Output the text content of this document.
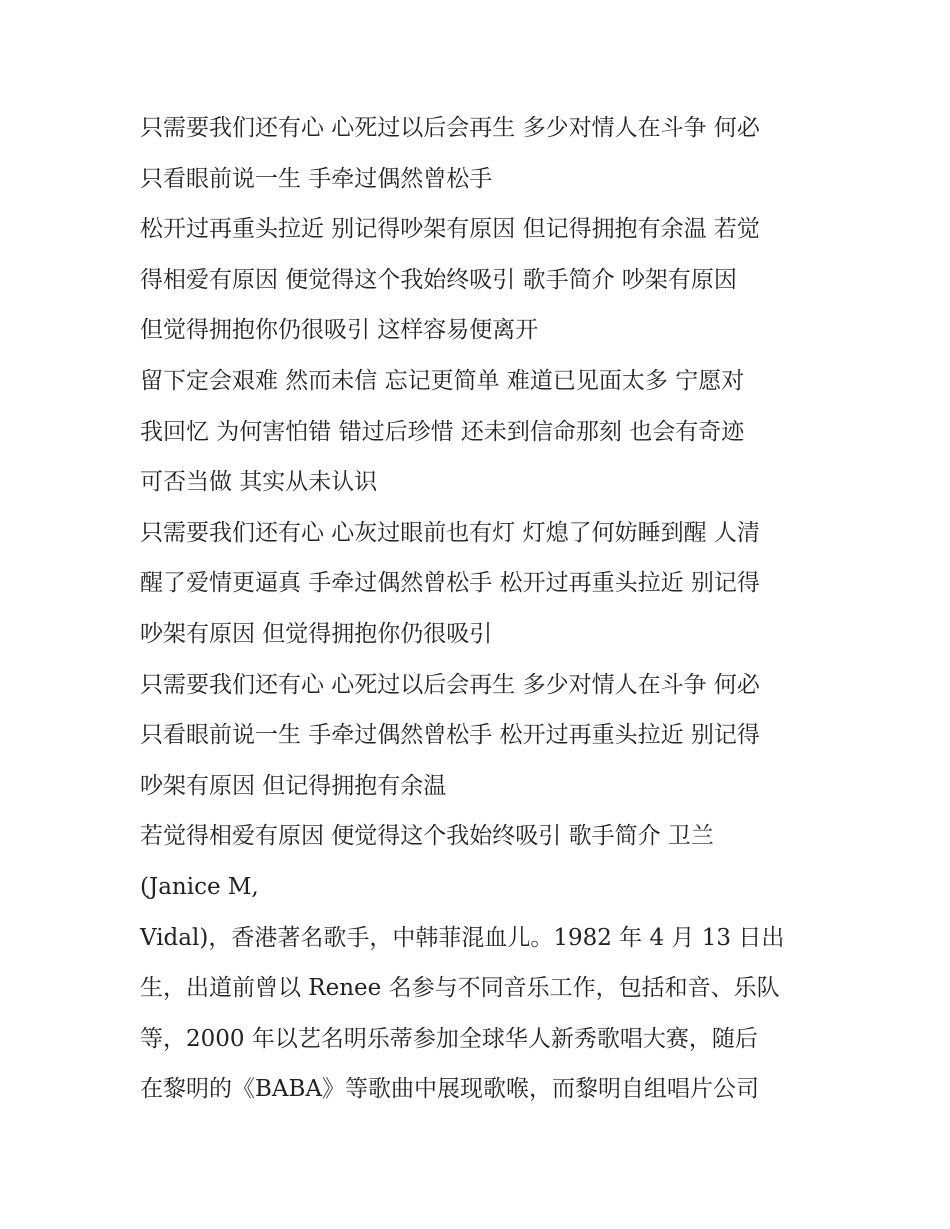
只需要我们还有心 心死过以后会再生 多少对情人在斗争 何必
只看眼前说一生 手牵过偶然曾松手
松开过再重头拉近 别记得吵架有原因 但记得拥抱有余温 若觉
得相爱有原因 便觉得这个我始终吸引 歌手简介 吵架有原因
但觉得拥抱你仍很吸引 这样容易便离开
留下定会艰难 然而未信 忘记更简单 难道已见面太多 宁愿对
我回忆 为何害怕错 错过后珍惜 还未到信命那刻 也会有奇迹
可否当做 其实从未认识
只需要我们还有心 心灰过眼前也有灯 灯熄了何妨睡到醒 人清
醒了爱情更逼真 手牵过偶然曾松手 松开过再重头拉近 别记得
吵架有原因 但觉得拥抱你仍很吸引
只需要我们还有心 心死过以后会再生 多少对情人在斗争 何必
只看眼前说一生 手牵过偶然曾松手 松开过再重头拉近 别记得
吵架有原因 但记得拥抱有余温
若觉得相爱有原因 便觉得这个我始终吸引 歌手简介 卫兰
(Janice M,
Vidal)，香港著名歌手，中韩菲混血儿。1982 年 4 月 13 日出
生，出道前曾以 Renee 名参与不同音乐工作，包括和音、乐队
等，2000 年以艺名明乐蒂参加全球华人新秀歌唱大赛，随后
在黎明的《BABA》等歌曲中展现歌喉，而黎明自组唱片公司
